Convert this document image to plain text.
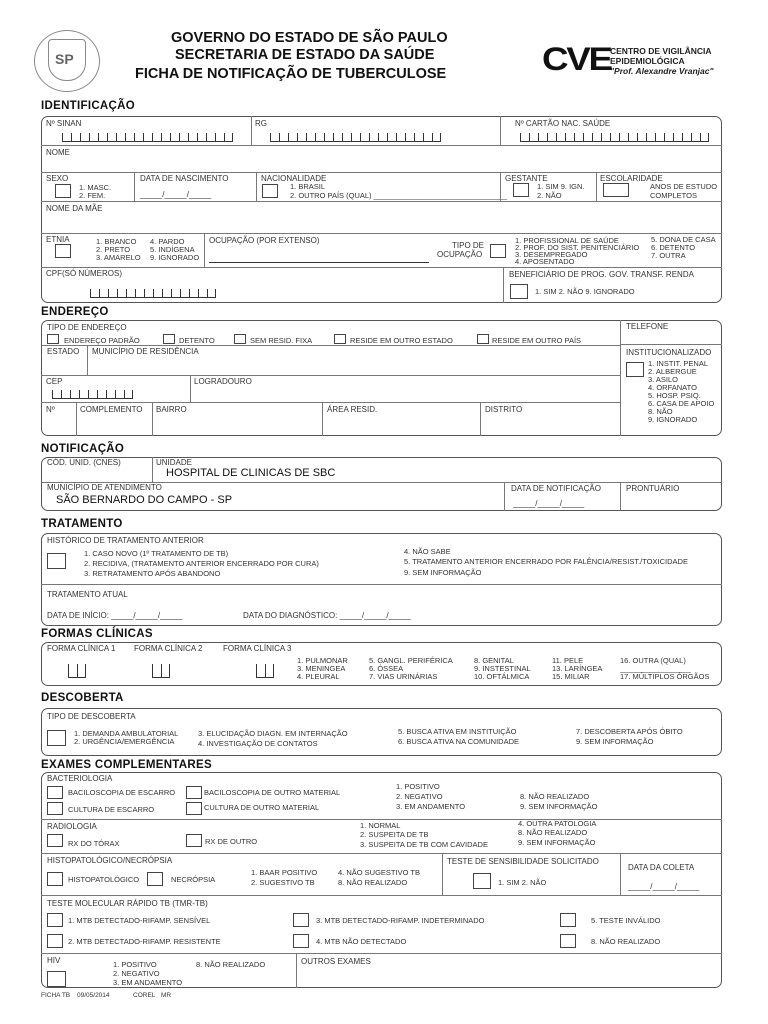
SP
GOVERNO DO ESTADO DE SÃO PAULO
SECRETARIA DE ESTADO DA SAÚDE
FICHA DE NOTIFICAÇÃO DE TUBERCULOSE	CVE CENTRO DE VIGILÂNCIA
EPIDEMIOLÓGICA
"Prof. Alexandre Vranjac"
IDENTIFICAÇÃO
Nº SINAN	RG	Nº CARTÃO NAC. SAÚDE
NOME
SEXO
1. MASC.
2. FEM.
DATA DE NASCIMENTO
_____/_____/_____
NACIONALIDADE
1. BRASIL
2. OUTRO PAÍS (QUAL) ________________________________
GESTANTE
1. SIM 9. IGN.
2. NÃO
ESCOLARIDADE
ANOS DE ESTUDO
COMPLETOS
NOME DA MÃE
ETNIA	1. BRANCO
2. PRETO
3. AMARELO
4. PARDO
5. INDÍGENA
9. IGNORADO
OCUPAÇÃO (POR EXTENSO)
TIPO DE
OCUPAÇÃO
1. PROFISSIONAL DE SAÚDE
2. PROF. DO SIST. PENITENCIÁRIO
3. DESEMPREGADO
4. APOSENTADO
5. DONA DE CASA
6. DETENTO
7. OUTRA
CPF(SÓ NÚMEROS)	BENEFICIÁRIO DE PROG. GOV. TRANSF. RENDA
1. SIM 2. NÃO 9. IGNORADO
ENDEREÇO
TIPO DE ENDEREÇO
ENDEREÇO PADRÃO	DETENTO	SEM RESID. FIXA	RESIDE EM OUTRO ESTADO	RESIDE EM OUTRO PAÍS
TELEFONE
ESTADO MUNICÍPIO DE RESIDÊNCIA	INSTITUCIONALIZADO
1. INSTIT. PENAL
2. ALBERGUE
3. ASILO
4. ORFANATO
5. HOSP. PSIQ.
6. CASA DE APOIO
8. NÃO
9. IGNORADO
CEP	LOGRADOURO
Nº	COMPLEMENTO BAIRRO	ÁREA RESID.	DISTRITO
NOTIFICAÇÃO
CÓD. UNID. (CNES)	UNIDADE
HOSPITAL DE CLINICAS DE SBC
MUNICÍPIO DE ATENDIMENTO
SÃO BERNARDO DO CAMPO - SP
DATA DE NOTIFICAÇÃO
_____/_____/_____
PRONTUÁRIO
TRATAMENTO
HISTÓRICO DE TRATAMENTO ANTERIOR
1. CASO NOVO (1º TRATAMENTO DE TB)
2. RECIDIVA, (TRATAMENTO ANTERIOR ENCERRADO POR CURA)
3. RETRATAMENTO APÓS ABANDONO
4. NÃO SABE
5. TRATAMENTO ANTERIOR ENCERRADO POR FALÊNCIA/RESIST./TOXICIDADE
9. SEM INFORMAÇÃO
TRATAMENTO ATUAL
DATA DE INÍCIO: _____/_____/_____	DATA DO DIAGNÓSTICO: _____/_____/_____
FORMAS CLÍNICAS
FORMA CLÍNICA 1 FORMA CLÍNICA 2	FORMA CLÍNICA 3
1. PULMONAR
3. MENINGEA
4. PLEURAL
5. GANGL. PERIFÉRICA
6. ÓSSEA
7. VIAS URINÁRIAS
8. GENITAL
9. INSTESTINAL
10. OFTÁLMICA
11. PELE
13. LARÍNGEA
15. MILIAR
16. OUTRA (QUAL)
_________________
17. MÚLTIPLOS ÓRGÃOS
DESCOBERTA
TIPO DE DESCOBERTA
1. DEMANDA AMBULATORIAL
2. URGÊNCIA/EMERGÊNCIA
3. ELUCIDAÇÃO DIAGN. EM INTERNAÇÃO
4. INVESTIGAÇÃO DE CONTATOS
5. BUSCA ATIVA EM INSTITUIÇÃO
6. BUSCA ATIVA NA COMUNIDADE
7. DESCOBERTA APÓS ÓBITO
9. SEM INFORMAÇÃO
EXAMES COMPLEMENTARES
BACTERIOLOGIA
BACILOSCOPIA DE ESCARRO	BACILOSCOPIA DE OUTRO MATERIAL
CULTURA DE ESCARRO	CULTURA DE OUTRO MATERIAL
1. POSITIVO
2. NEGATIVO
3. EM ANDAMENTO
8. NÃO REALIZADO
9. SEM INFORMAÇÃO
RADIOLOGIA
RX DO TÓRAX	RX DE OUTRO
1. NORMAL
2. SUSPEITA DE TB
3. SUSPEITA DE TB COM CAVIDADE
4. OUTRA PATOLOGIA
8. NÃO REALIZADO
9. SEM INFORMAÇÃO
HISTOPATOLÓGICO/NECRÓPSIA
HISTOPATOLÓGICO	NECRÓPSIA
1. BAAR POSITIVO
2. SUGESTIVO TB
4. NÃO SUGESTIVO TB
8. NÃO REALIZADO
TESTE DE SENSIBILIDADE SOLICITADO
1. SIM 2. NÃO
DATA DA COLETA
_____/_____/_____
TESTE MOLECULAR RÁPIDO TB (TMR-TB)
1. MTB DETECTADO-RIFAMP. SENSÍVEL	3. MTB DETECTADO-RIFAMP. INDETERMINADO	5. TESTE INVÁLIDO
2. MTB DETECTADO-RIFAMP. RESISTENTE	4. MTB NÃO DETECTADO	8. NÃO REALIZADO
HIV	1. POSITIVO
2. NEGATIVO
3. EM ANDAMENTO
8. NÃO REALIZADO	OUTROS EXAMES
FICHA TB 09/05/2014	COREL MR
